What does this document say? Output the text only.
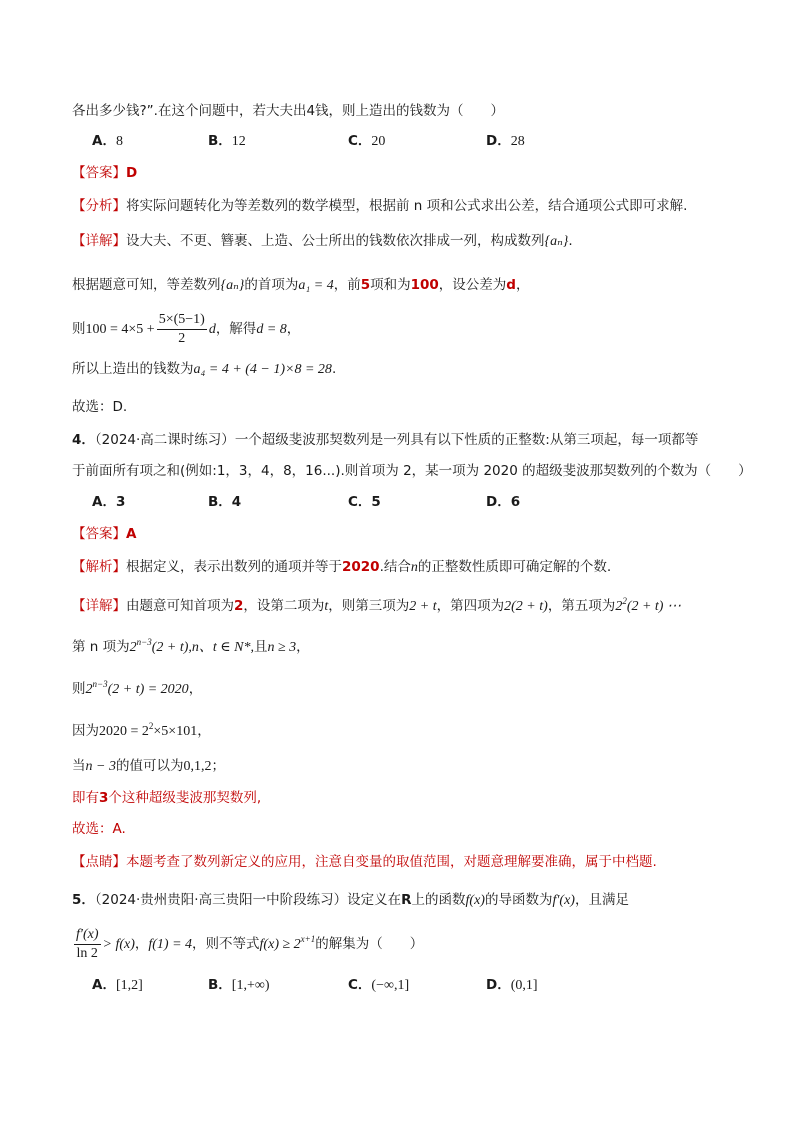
各出多少钱?”.在这个问题中，若大夫出4钱，则上造出的钱数为（　　）
A．8	B．12	C．20	D．28
【答案】D
【分析】将实际问题转化为等差数列的数学模型，根据前 n 项和公式求出公差，结合通项公式即可求解.
【详解】设大夫、不更、簪裹、上造、公士所出的钱数依次排成一列，构成数列{aₙ}.
根据题意可知，等差数列{aₙ}的首项为a₁ = 4，前5项和为100，设公差为d，
则$100 = 4\times 5 + \frac{5\times(5-1)}{2}$ d，解得d = 8，
所以上造出的钱数为a₄ = 4 + (4 − 1)×8 = 28.
故选：D.
4．（2024·高二课时练习）一个超级斐波那契数列是一列具有以下性质的正整数:从第三项起，每一项都等
于前面所有项之和(例如:1，3，4，8，16...).则首项为 2，某一项为 2020 的超级斐波那契数列的个数为（　　）
A．3	B．4	C．5	D．6
【答案】A
【解析】根据定义，表示出数列的通项并等于2020.结合n的正整数性质即可确定解的个数.
【详解】由题意可知首项为2，设第二项为t，则第三项为2 + t，第四项为2(2 + t)，第五项为$2^2(2 + t)$ ⋯
第 n 项为$2^{n-3}(2 + t),n$、t ∈ N*,且n ≥ 3，
则$2^{n-3}(2 + t) = 2020$，
因为$2020 = 2^2\times 5\times 101$，
当n − 3的值可以为0,1,2；
即有3个这种超级斐波那契数列,
故选：A.
【点睛】本题考查了数列新定义的应用，注意自变量的取值范围，对题意理解要准确，属于中档题.
5．（2024·贵州贵阳·高三贵阳一中阶段练习）设定义在R上的函数f(x)的导函数为f′(x)，且满足
$\frac{f'(x)}{\ln 2} > f(x)$，f(1) = 4，则不等式$f(x) \ge 2^{x+1}$的解集为（　　）
A．[1,2]	B．[1,+∞)	C．(−∞,1]	D．(0,1]
